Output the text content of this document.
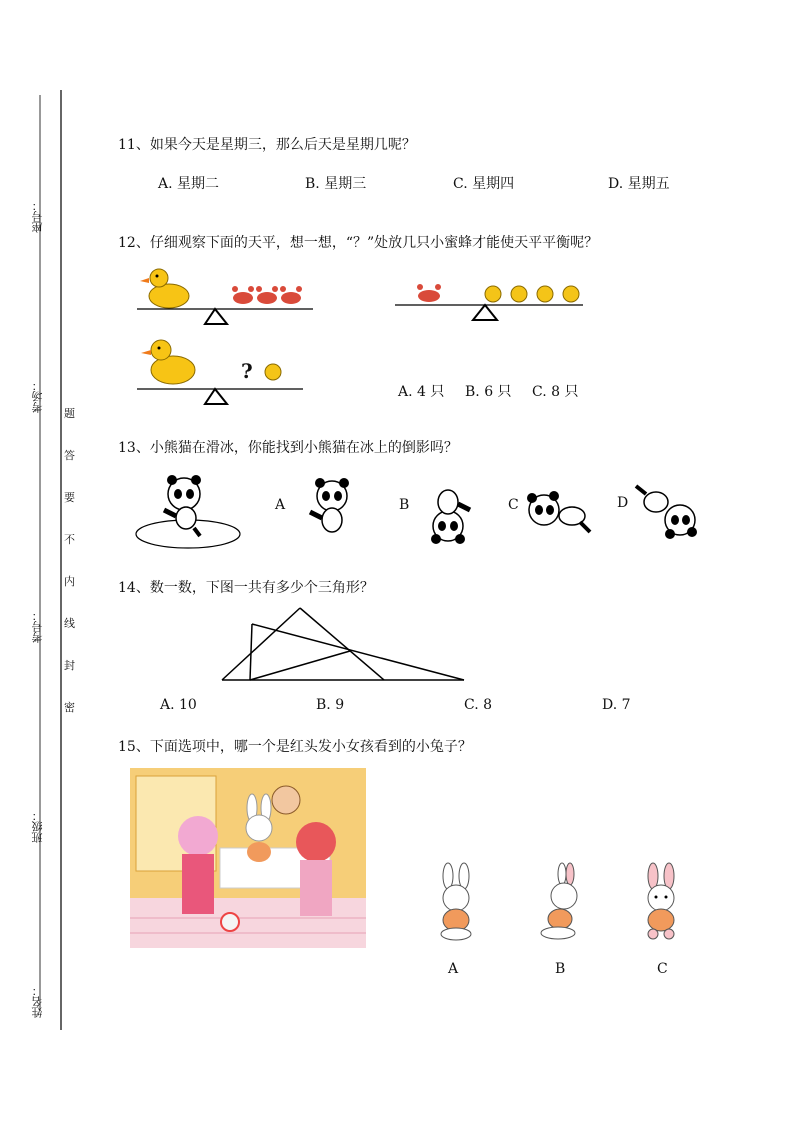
座号：
考场：
考号：
班级：
姓名：
题
答
要
不
内
线
封
密
11、如果今天是星期三，那么后天是星期几呢？
A. 星期二	B. 星期三	C. 星期四	D. 星期五
12、仔细观察下面的天平，想一想，“？”处放几只小蜜蜂才能使天平平衡呢？
?
A. 4 只 B. 6 只 C. 8 只
13、小熊猫在滑冰，你能找到小熊猫在冰上的倒影吗？
A	B	C	D
14、数一数，下图一共有多少个三角形？
A. 10	B. 9	C. 8	D. 7
15、下面选项中，哪一个是红头发小女孩看到的小兔子？
A	B	C
